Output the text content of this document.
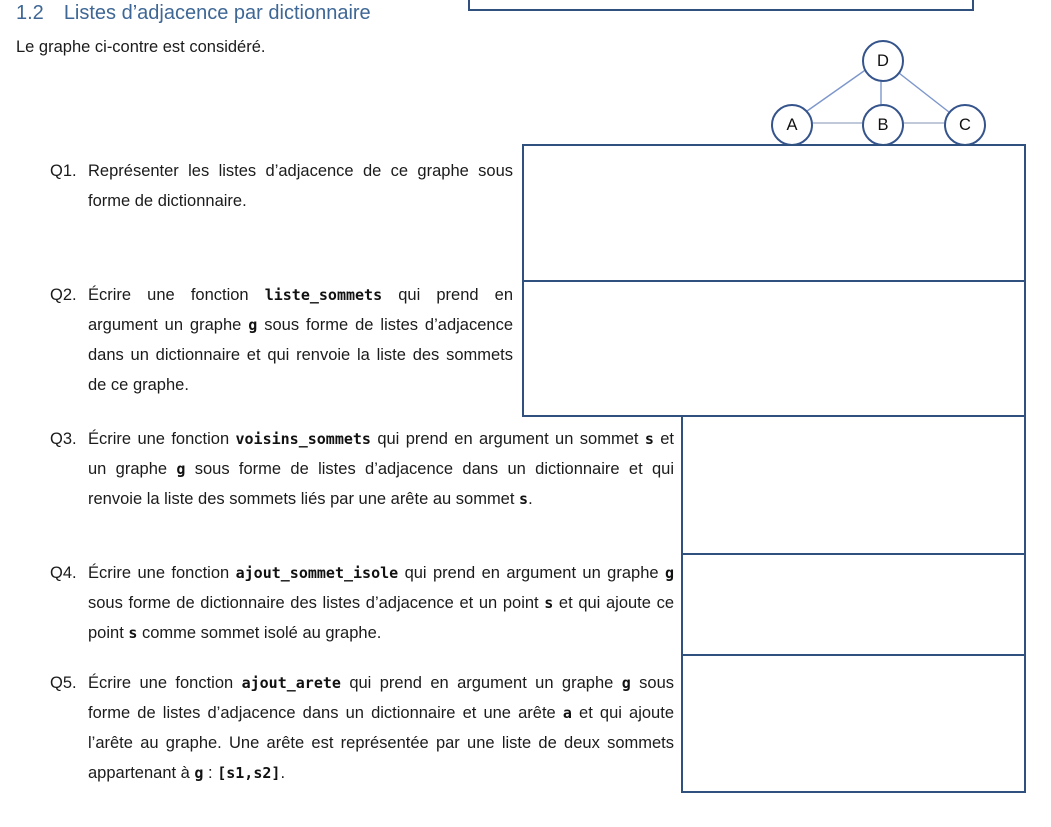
1.2 Listes d’adjacence par dictionnaire
Le graphe ci-contre est considéré.
D
A	B	C
Q1. Représenter les listes d’adjacence de ce graphe sous forme de dictionnaire.
Q2. Écrire une fonction liste_sommets qui prend en argument un graphe g sous forme de listes d’adjacence dans un dictionnaire et qui renvoie la liste des sommets de ce graphe.
Q3. Écrire une fonction voisins_sommets qui prend en argument un sommet s et un graphe g sous forme de listes d’adjacence dans un dictionnaire et qui renvoie la liste des sommets liés par une arête au sommet s.
Q4. Écrire une fonction ajout_sommet_isole qui prend en argument un graphe g sous forme de dictionnaire des listes d’adjacence et un point s et qui ajoute ce point s comme sommet isolé au graphe.
Q5. Écrire une fonction ajout_arete qui prend en argument un graphe g sous forme de listes d’adjacence dans un dictionnaire et une arête a et qui ajoute l’arête au graphe. Une arête est représentée par une liste de deux sommets appartenant à g : [s1,s2].
